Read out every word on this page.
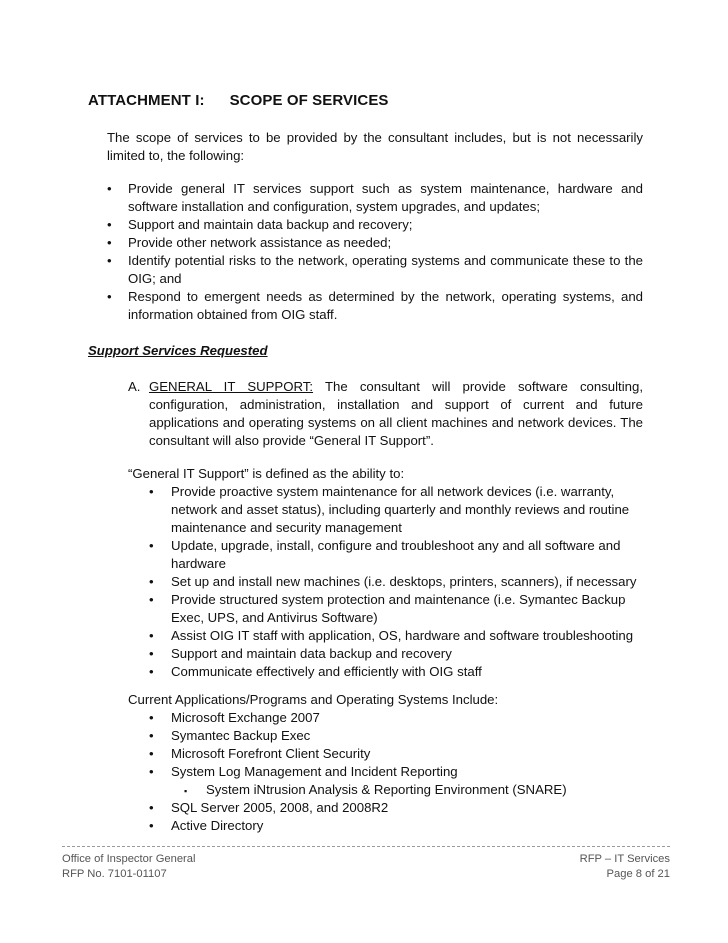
ATTACHMENT I: SCOPE OF SERVICES
The scope of services to be provided by the consultant includes, but is not necessarily limited to, the following:
• Provide general IT services support such as system maintenance, hardware and software installation and configuration, system upgrades, and updates;
• Support and maintain data backup and recovery;
• Provide other network assistance as needed;
• Identify potential risks to the network, operating systems and communicate these to the OIG; and
• Respond to emergent needs as determined by the network, operating systems, and information obtained from OIG staff.
Support Services Requested
A. GENERAL IT SUPPORT: The consultant will provide software consulting, configuration, administration, installation and support of current and future applications and operating systems on all client machines and network devices. The consultant will also provide “General IT Support”.
“General IT Support” is defined as the ability to:
• Provide proactive system maintenance for all network devices (i.e. warranty, network and asset status), including quarterly and monthly reviews and routine maintenance and security management
• Update, upgrade, install, configure and troubleshoot any and all software and hardware
• Set up and install new machines (i.e. desktops, printers, scanners), if necessary
• Provide structured system protection and maintenance (i.e. Symantec Backup Exec, UPS, and Antivirus Software)
• Assist OIG IT staff with application, OS, hardware and software troubleshooting
• Support and maintain data backup and recovery
• Communicate effectively and efficiently with OIG staff
Current Applications/Programs and Operating Systems Include:
• Microsoft Exchange 2007
• Symantec Backup Exec
• Microsoft Forefront Client Security
• System Log Management and Incident Reporting
▪ System iNtrusion Analysis & Reporting Environment (SNARE)
• SQL Server 2005, 2008, and 2008R2
• Active Directory
Office of Inspector General
RFP No. 7101-01107
RFP – IT Services
Page 8 of 21
